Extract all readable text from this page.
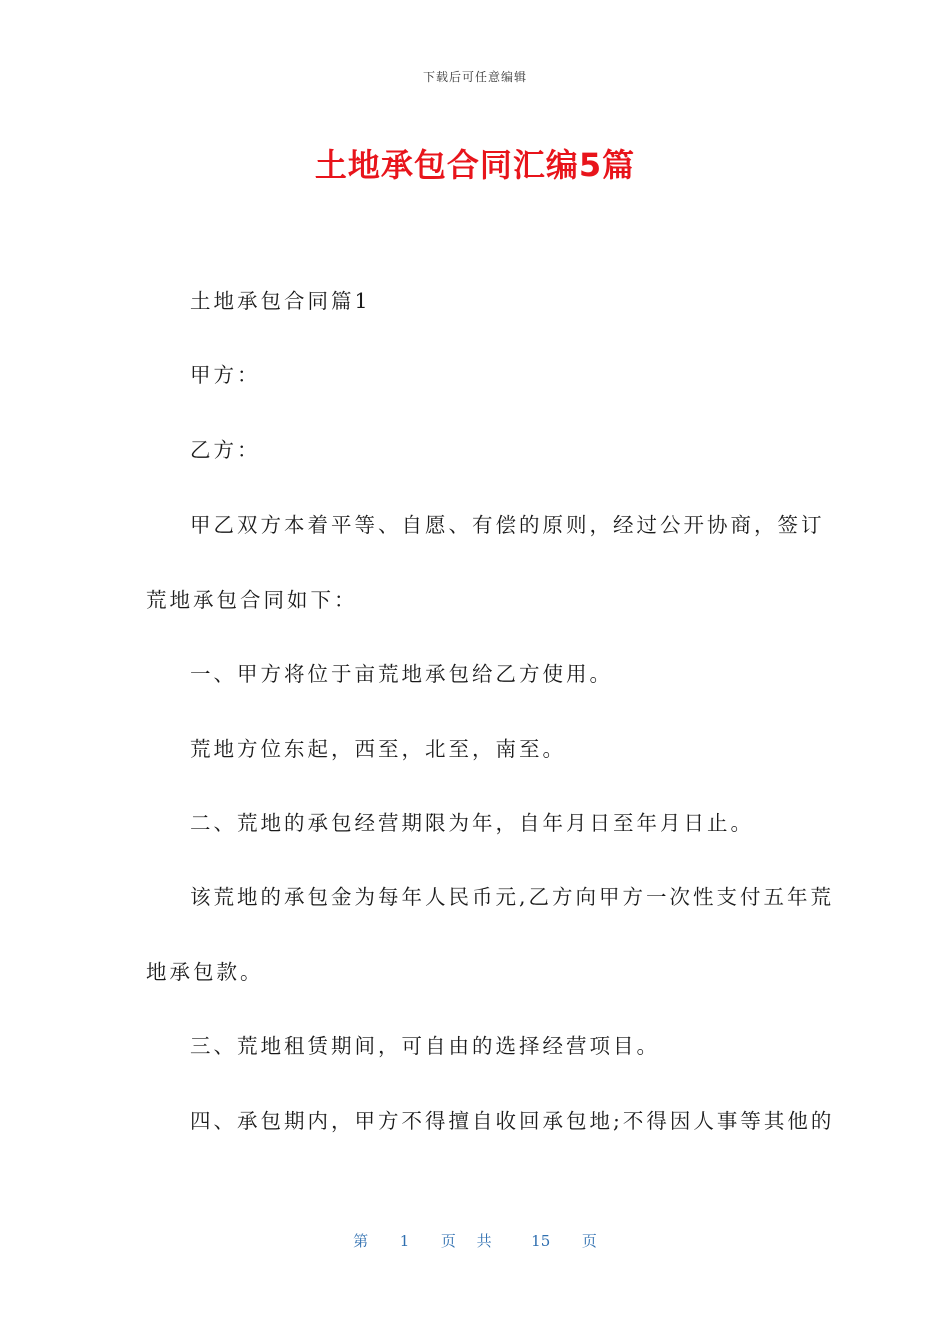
下载后可任意编辑
土地承包合同汇编5篇
土地承包合同篇1
甲方：
乙方：
甲乙双方本着平等、自愿、有偿的原则，经过公开协商，签订
荒地承包合同如下：
一、甲方将位于亩荒地承包给乙方使用。
荒地方位东起，西至，北至，南至。
二、荒地的承包经营期限为年，自年月日至年月日止。
该荒地的承包金为每年人民币元,乙方向甲方一次性支付五年荒
地承包款。
三、荒地租赁期间，可自由的选择经营项目。
四、承包期内，甲方不得擅自收回承包地;不得因人事等其他的
第 1 页 共 15 页
